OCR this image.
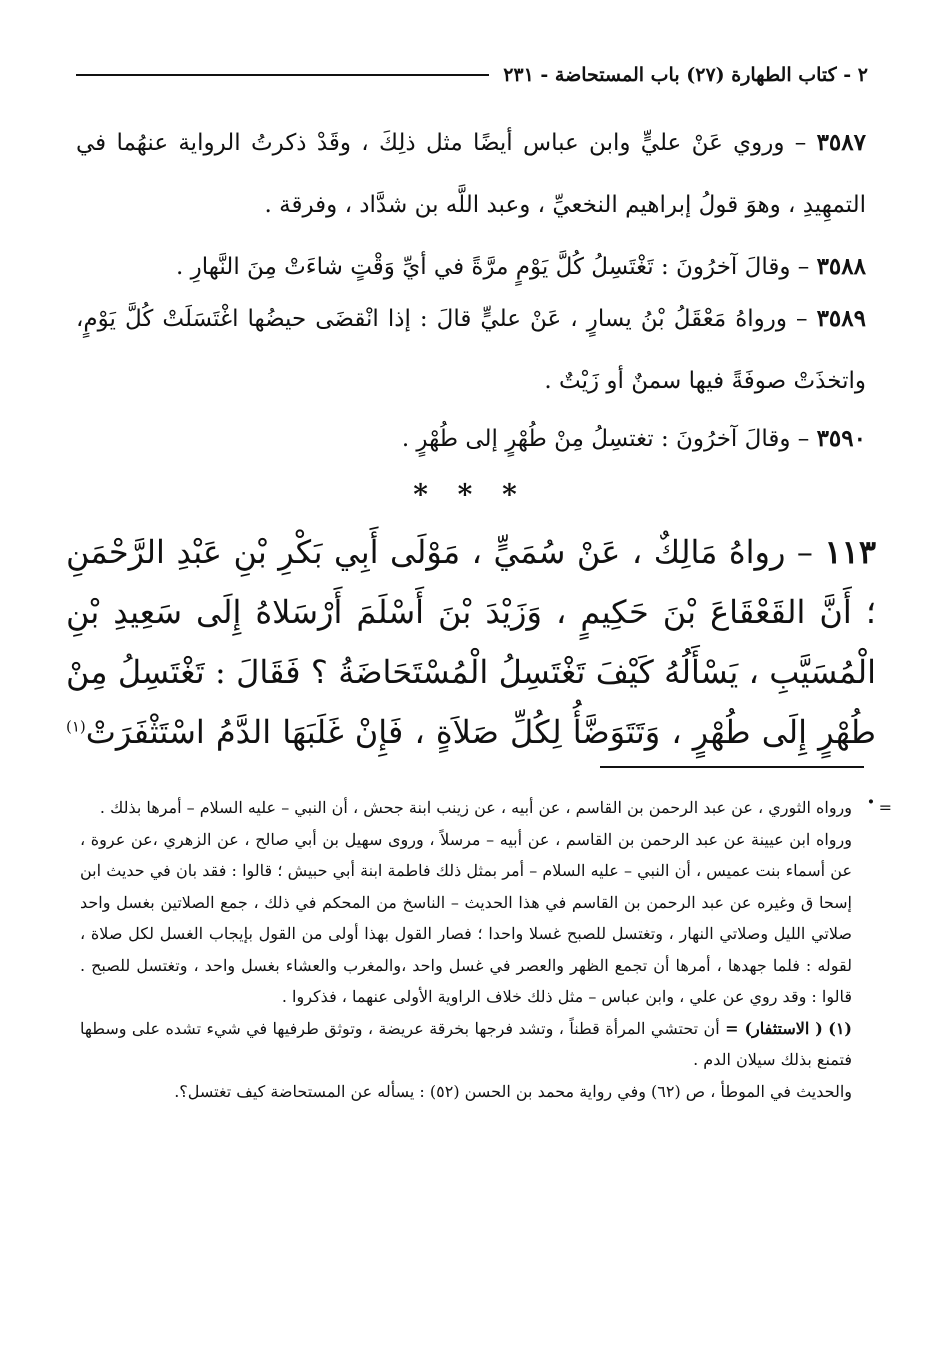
٢ - كتاب الطهارة (٢٧) باب المستحاضة - ٢٣١
٣٥٨٧ – وروي عَنْ عليٍّ وابن عباس أيضًا مثل ذلِكَ ، وقَدْ ذكرتُ الرواية عنهُما في التمهِيدِ ، وهوَ قولُ إبراهيم النخعيِّ ، وعبد اللَّه بن شدَّاد ، وفرقة .
٣٥٨٨ – وقالَ آخرُونَ : تَغْتَسِلُ كُلَّ يَوْمٍ مرَّةً في أيِّ وَقْتٍ شاءَتْ مِنَ النَّهارِ .
٣٥٨٩ – ورواهُ مَعْقَلُ بْنُ يسارٍ ، عَنْ عليٍّ قالَ : إذا انْقضَى حيضُها اغْتَسَلَتْ كُلَّ يَوْمٍ، واتخذَتْ صوفَةً فيها سمنٌ أو زَيْتٌ .
٣٥٩٠ – وقالَ آخرُونَ : تغتسِلُ مِنْ طُهْرٍ إلى طُهْرٍ .
* * *
١١٣ – رواهُ مَالِكٌ ، عَنْ سُمَيٍّ ، مَوْلَى أَبِي بَكْرِ بْنِ عَبْدِ الرَّحْمَنِ ؛ أَنَّ القَعْقَاعَ بْنَ حَكِيمٍ ، وَزَيْدَ بْنَ أَسْلَمَ أَرْسَلاهُ إِلَى سَعِيدِ بْنِ الْمُسَيَّبِ ، يَسْأَلُهُ كَيْفَ تَغْتَسِلُ الْمُسْتَحَاضَةُ ؟ فَقَالَ : تَغْتَسِلُ مِنْ طُهْرٍ إِلَى طُهْرٍ ، وَتَتَوَضَّأُ لِكُلِّ صَلاَةٍ ، فَإِنْ غَلَبَهَا الدَّمُ اسْتَثْفَرَتْ$^{(١)}$ . =
ورواه الثوري ، عن عبد الرحمن بن القاسم ، عن أبيه ، عن زينب ابنة جحش ، أن النبي – عليه السلام – أمرها بذلك .

ورواه ابن عيينة عن عبد الرحمن بن القاسم ، عن أبيه – مرسلاً ، وروى سهيل بن أبي صالح ، عن الزهري ،عن عروة ، عن أسماء بنت عميس ، أن النبي – عليه السلام – أمر بمثل ذلك فاطمة ابنة أبي حبيش ؛ قالوا : فقد بان في حديث ابن إسحا ق وغيره عن عبد الرحمن بن القاسم في هذا الحديث – الناسخ من المحكم في ذلك ، جمع الصلاتين بغسل واحد صلاتي الليل وصلاتي النهار ، وتغتسل للصبح غسلا واحدا ؛ فصار القول بهذا أولى من القول بإيجاب الغسل لكل صلاة ، لقوله : فلما جهدها ، أمرها أن تجمع الظهر والعصر في غسل واحد ،والمغرب والعشاء بغسل واحد ، وتغتسل للصبح . قالوا : وقد روي عن علي ، وابن عباس – مثل ذلك خلاف الراوية الأولى عنهما ، فذكروا .

(١) ( الاستثفار) = أن تحتشي المرأة قطناً ، وتشد فرجها بخرقة عريضة ، وتوثق طرفيها في شيء تشده على وسطها فتمنع بذلك سيلان الدم .

والحديث في الموطأ ، ص (٦٢) وفي رواية محمد بن الحسن (٥٢) : يسأله عن المستحاضة كيف تغتسل؟.
